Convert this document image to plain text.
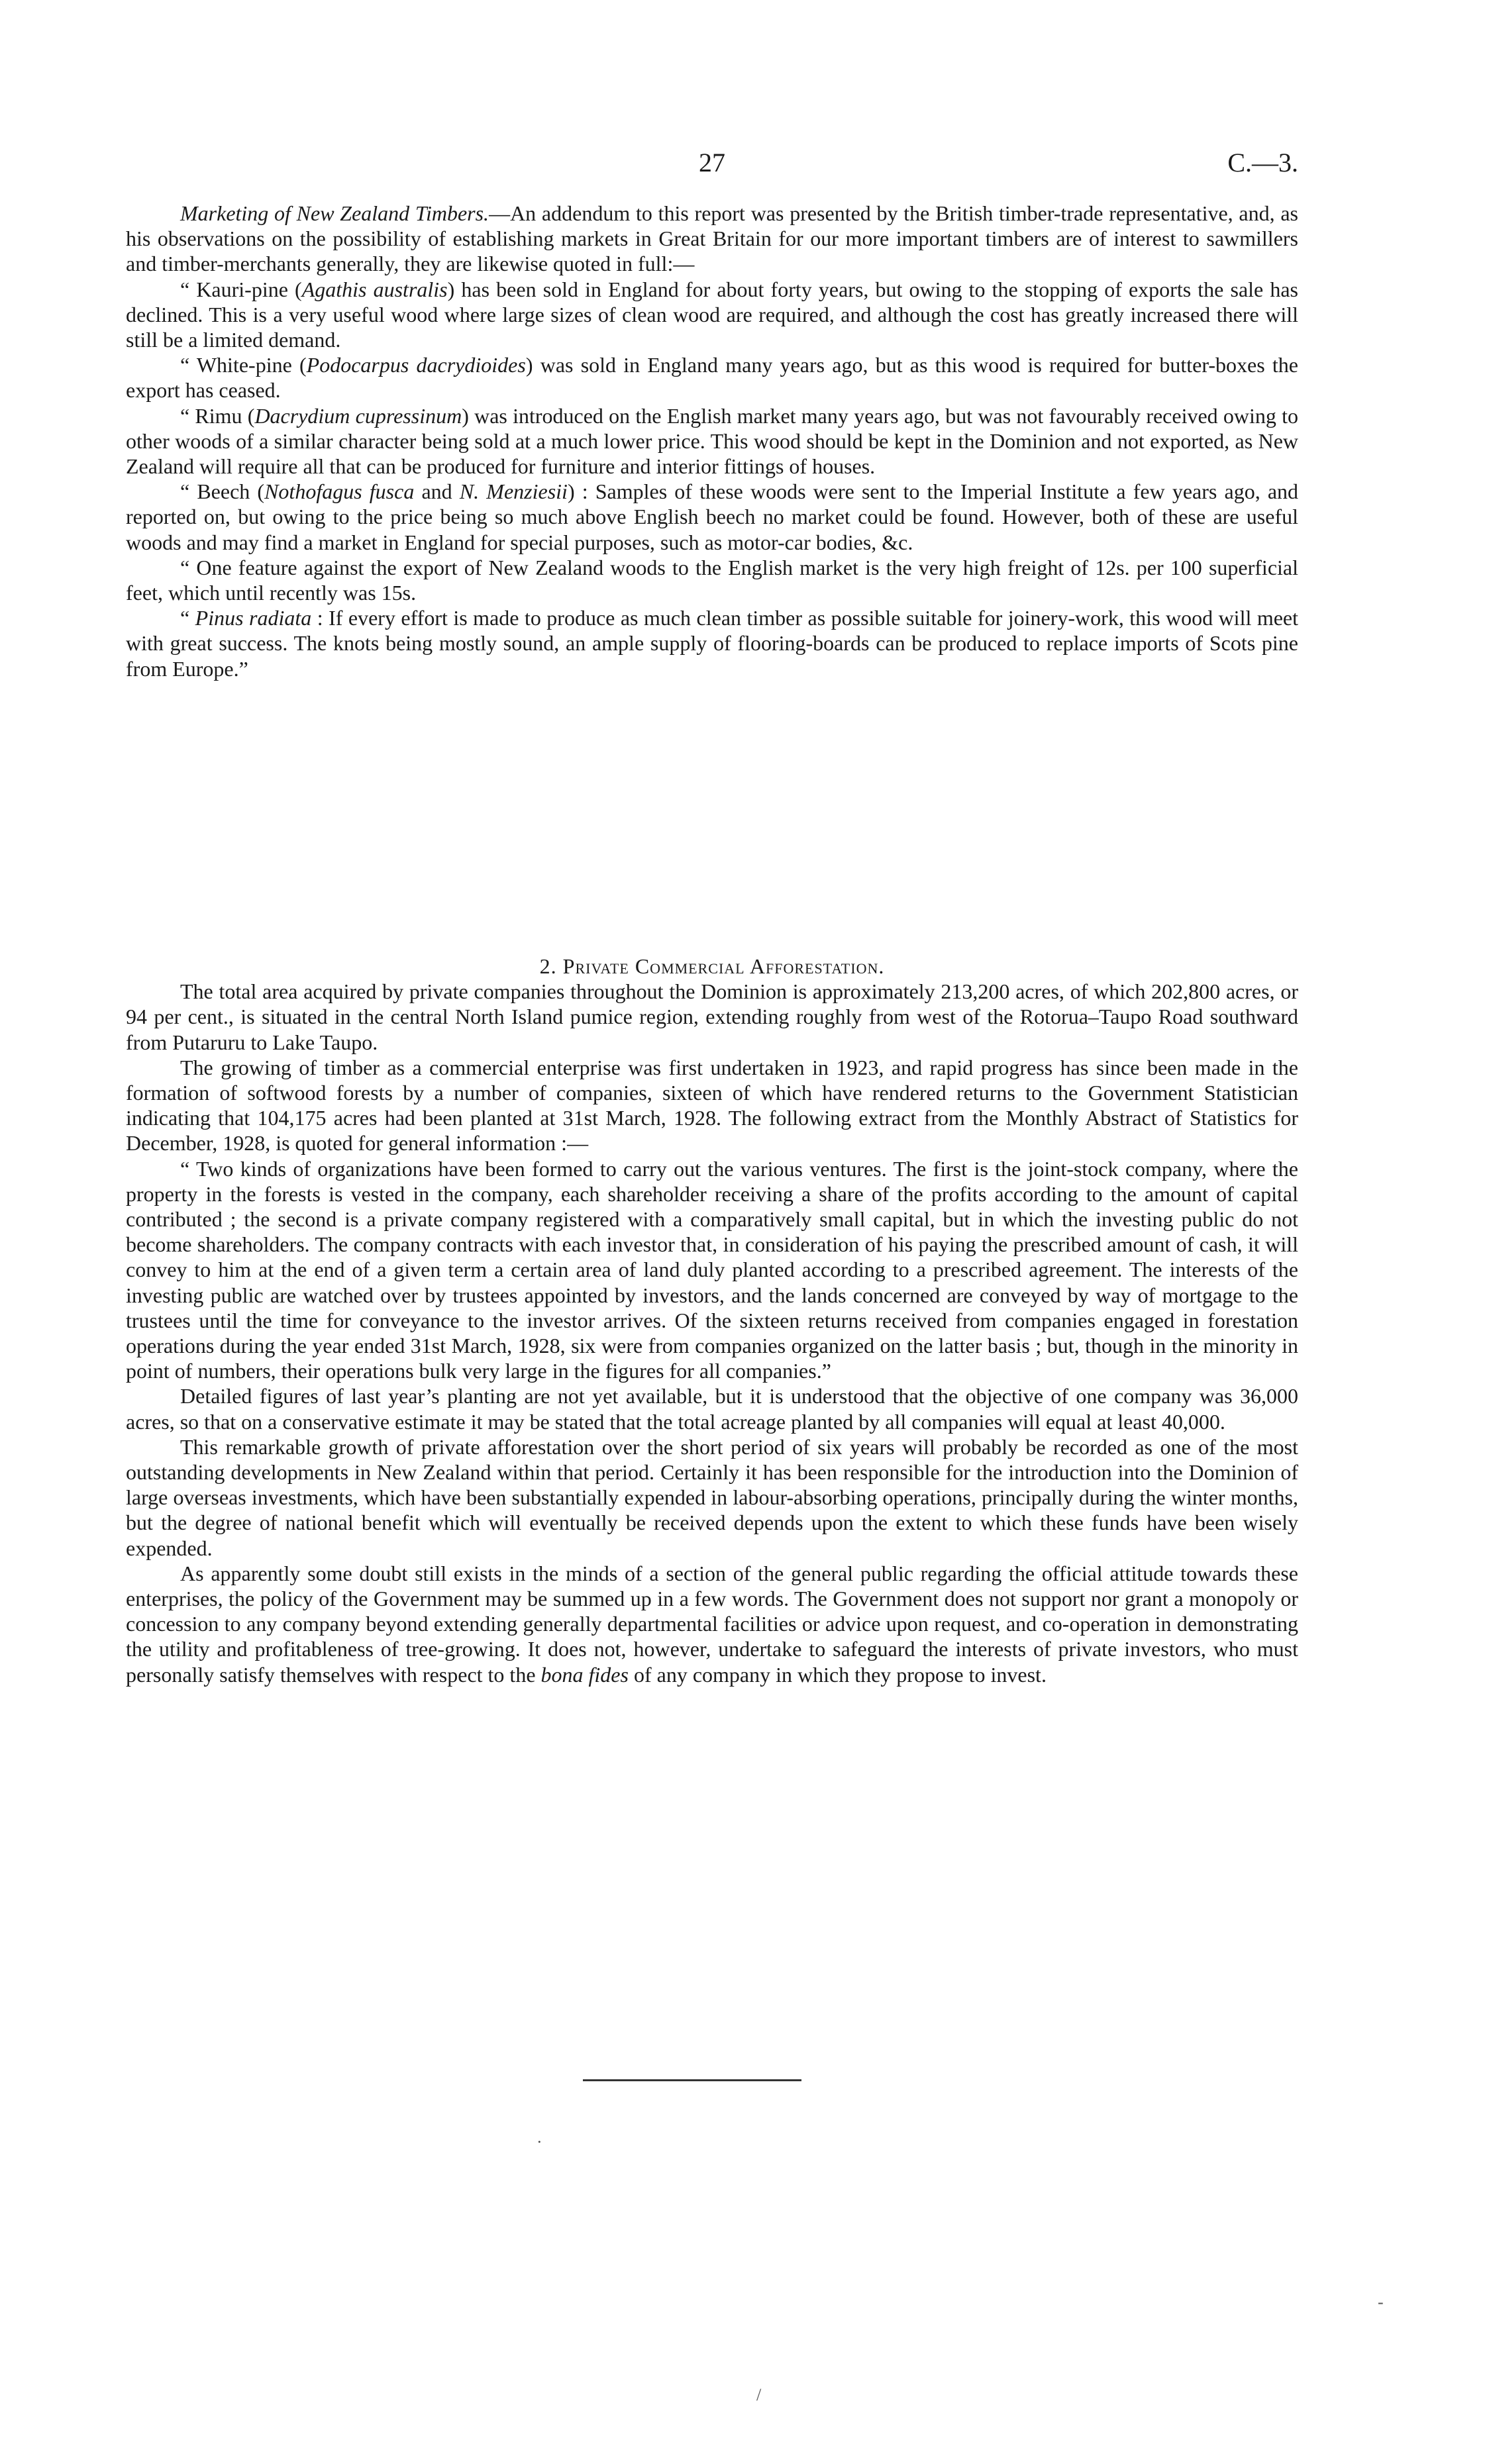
27	C.—3.

Marketing of New Zealand Timbers.—An addendum to this report was presented by the British timber-trade representative, and, as his observations on the possibility of establishing markets in Great Britain for our more important timbers are of interest to sawmillers and timber-merchants generally, they are likewise quoted in full:—

“ Kauri-pine (Agathis australis) has been sold in England for about forty years, but owing to the stopping of exports the sale has declined. This is a very useful wood where large sizes of clean wood are required, and although the cost has greatly increased there will still be a limited demand.

“ White-pine (Podocarpus dacrydioides) was sold in England many years ago, but as this wood is required for butter-boxes the export has ceased.

“ Rimu (Dacrydium cupressinum) was introduced on the English market many years ago, but was not favourably received owing to other woods of a similar character being sold at a much lower price. This wood should be kept in the Dominion and not exported, as New Zealand will require all that can be produced for furniture and interior fittings of houses.

“ Beech (Nothofagus fusca and N. Menziesii) : Samples of these woods were sent to the Imperial Institute a few years ago, and reported on, but owing to the price being so much above English beech no market could be found. However, both of these are useful woods and may find a market in England for special purposes, such as motor-car bodies, &c.

“ One feature against the export of New Zealand woods to the English market is the very high freight of 12s. per 100 superficial feet, which until recently was 15s.

“ Pinus radiata : If every effort is made to produce as much clean timber as possible suitable for joinery-work, this wood will meet with great success. The knots being mostly sound, an ample supply of flooring-boards can be produced to replace imports of Scots pine from Europe.”

2. Private Commercial Afforestation.

The total area acquired by private companies throughout the Dominion is approximately 213,200 acres, of which 202,800 acres, or 94 per cent., is situated in the central North Island pumice region, extending roughly from west of the Rotorua–Taupo Road southward from Putaruru to Lake Taupo.

The growing of timber as a commercial enterprise was first undertaken in 1923, and rapid progress has since been made in the formation of softwood forests by a number of companies, sixteen of which have rendered returns to the Government Statistician indicating that 104,175 acres had been planted at 31st March, 1928. The following extract from the Monthly Abstract of Statistics for December, 1928, is quoted for general information :—

“ Two kinds of organizations have been formed to carry out the various ventures. The first is the joint-stock company, where the property in the forests is vested in the company, each shareholder receiving a share of the profits according to the amount of capital contributed ; the second is a private company registered with a comparatively small capital, but in which the investing public do not become shareholders. The company contracts with each investor that, in consideration of his paying the prescribed amount of cash, it will convey to him at the end of a given term a certain area of land duly planted according to a prescribed agreement. The interests of the investing public are watched over by trustees appointed by investors, and the lands concerned are conveyed by way of mortgage to the trustees until the time for conveyance to the investor arrives. Of the sixteen returns received from companies engaged in forestation operations during the year ended 31st March, 1928, six were from companies organized on the latter basis ; but, though in the minority in point of numbers, their operations bulk very large in the figures for all companies.”

Detailed figures of last year’s planting are not yet available, but it is understood that the objective of one company was 36,000 acres, so that on a conservative estimate it may be stated that the total acreage planted by all companies will equal at least 40,000.

This remarkable growth of private afforestation over the short period of six years will probably be recorded as one of the most outstanding developments in New Zealand within that period. Certainly it has been responsible for the introduction into the Dominion of large overseas investments, which have been substantially expended in labour-absorbing operations, principally during the winter months, but the degree of national benefit which will eventually be received depends upon the extent to which these funds have been wisely expended.

As apparently some doubt still exists in the minds of a section of the general public regarding the official attitude towards these enterprises, the policy of the Government may be summed up in a few words. The Government does not support nor grant a monopoly or concession to any company beyond extending generally departmental facilities or advice upon request, and co-operation in demonstrating the utility and profitableness of tree-growing. It does not, however, undertake to safeguard the interests of private investors, who must personally satisfy themselves with respect to the bona fides of any company in which they propose to invest.

·
-
/
